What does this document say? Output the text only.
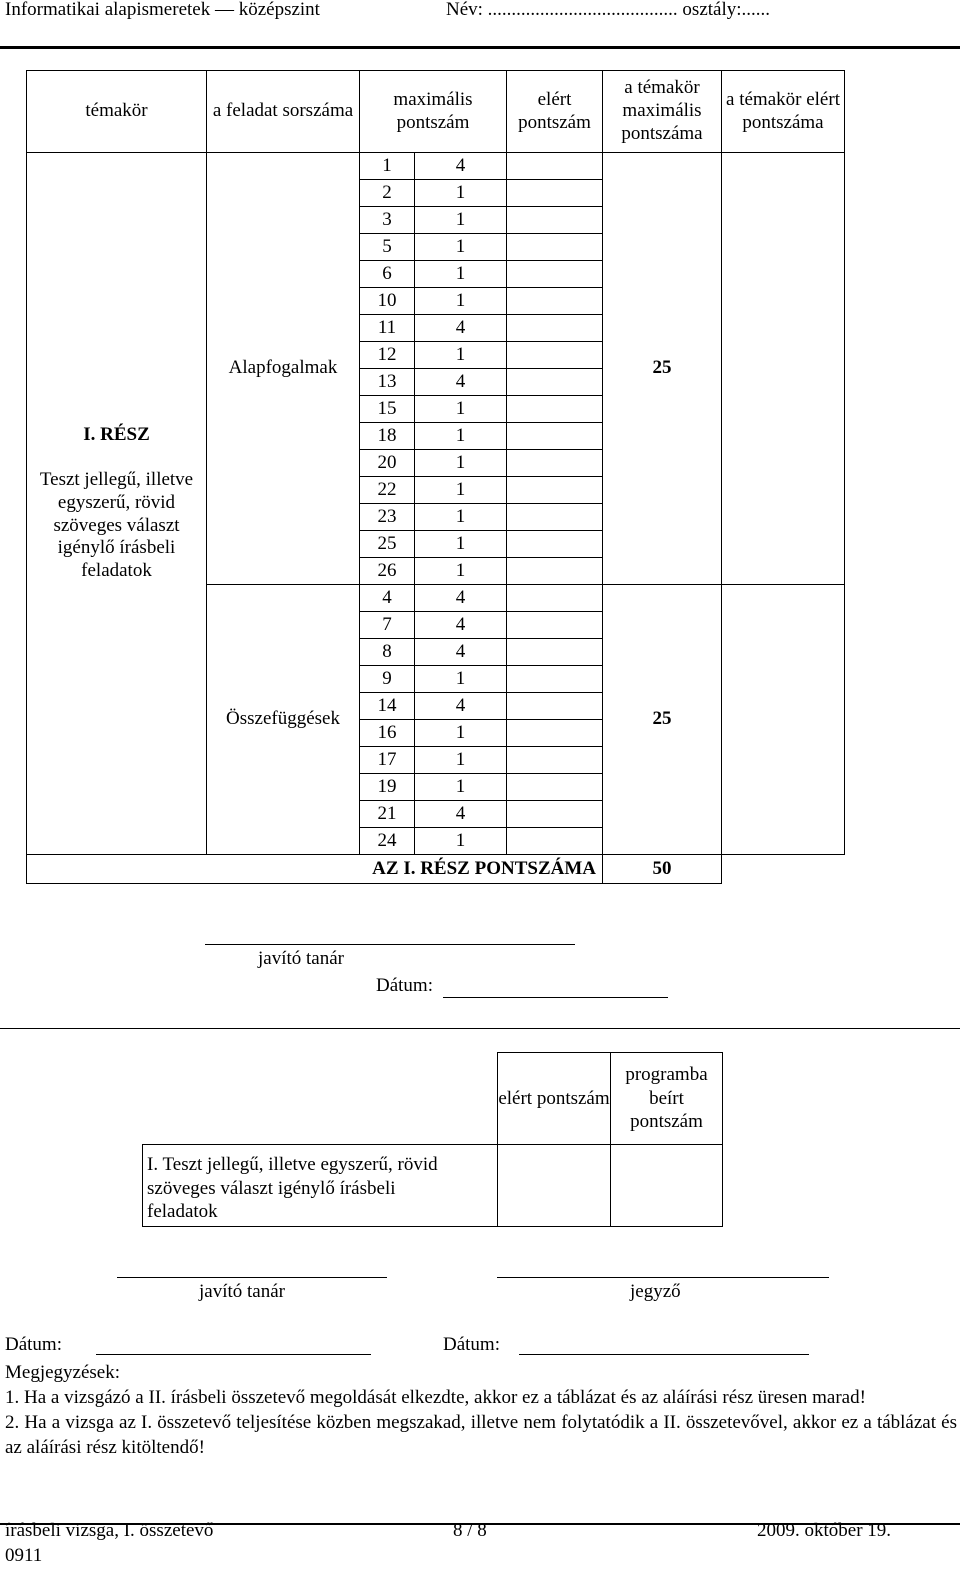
Informatikai alapismeretek — középszint	Név: ........................................ osztály:......
témakör	a feladat sorszáma	maximális pontszám		elért pontszám	a témakör maximális pontszáma	a témakör elért pontszáma

I. RÉSZ
Teszt jellegű, illetve egyszerű, rövid szöveges választ igénylő írásbeli feladatok	Alapfogalmak	1	4		25	
		2	1			
		3	1			
		5	1			
		6	1			
		10	1			
		11	4			
		12	1			
		13	4			
		15	1			
		18	1			
		20	1			
		22	1			
		23	1			
		25	1			
		26	1			
	Összefüggések	4	4		25	
		7	4			
		8	4			
		9	1			
		14	4			
		16	1			
		17	1			
		19	1			
		21	4			
		24	1			
AZ I. RÉSZ PONTSZÁMA					50	
javító tanár
Dátum:
	elért pontszám	programba beírt pontszám

I. Teszt jellegű, illetve egyszerű, rövid szöveges választ igénylő írásbeli feladatok		

javító tanár	jegyző
Dátum:	Dátum:
Megjegyzések:
1. Ha a vizsgázó a II. írásbeli összetevő megoldását elkezdte, akkor ez a táblázat és az aláírási rész üresen marad!
2. Ha a vizsga az I. összetevő teljesítése közben megszakad, illetve nem folytatódik a II. összetevővel, akkor ez a táblázat és az aláírási rész kitöltendő!
írásbeli vizsga, I. összetevő
0911
8 / 8	2009. október 19.
